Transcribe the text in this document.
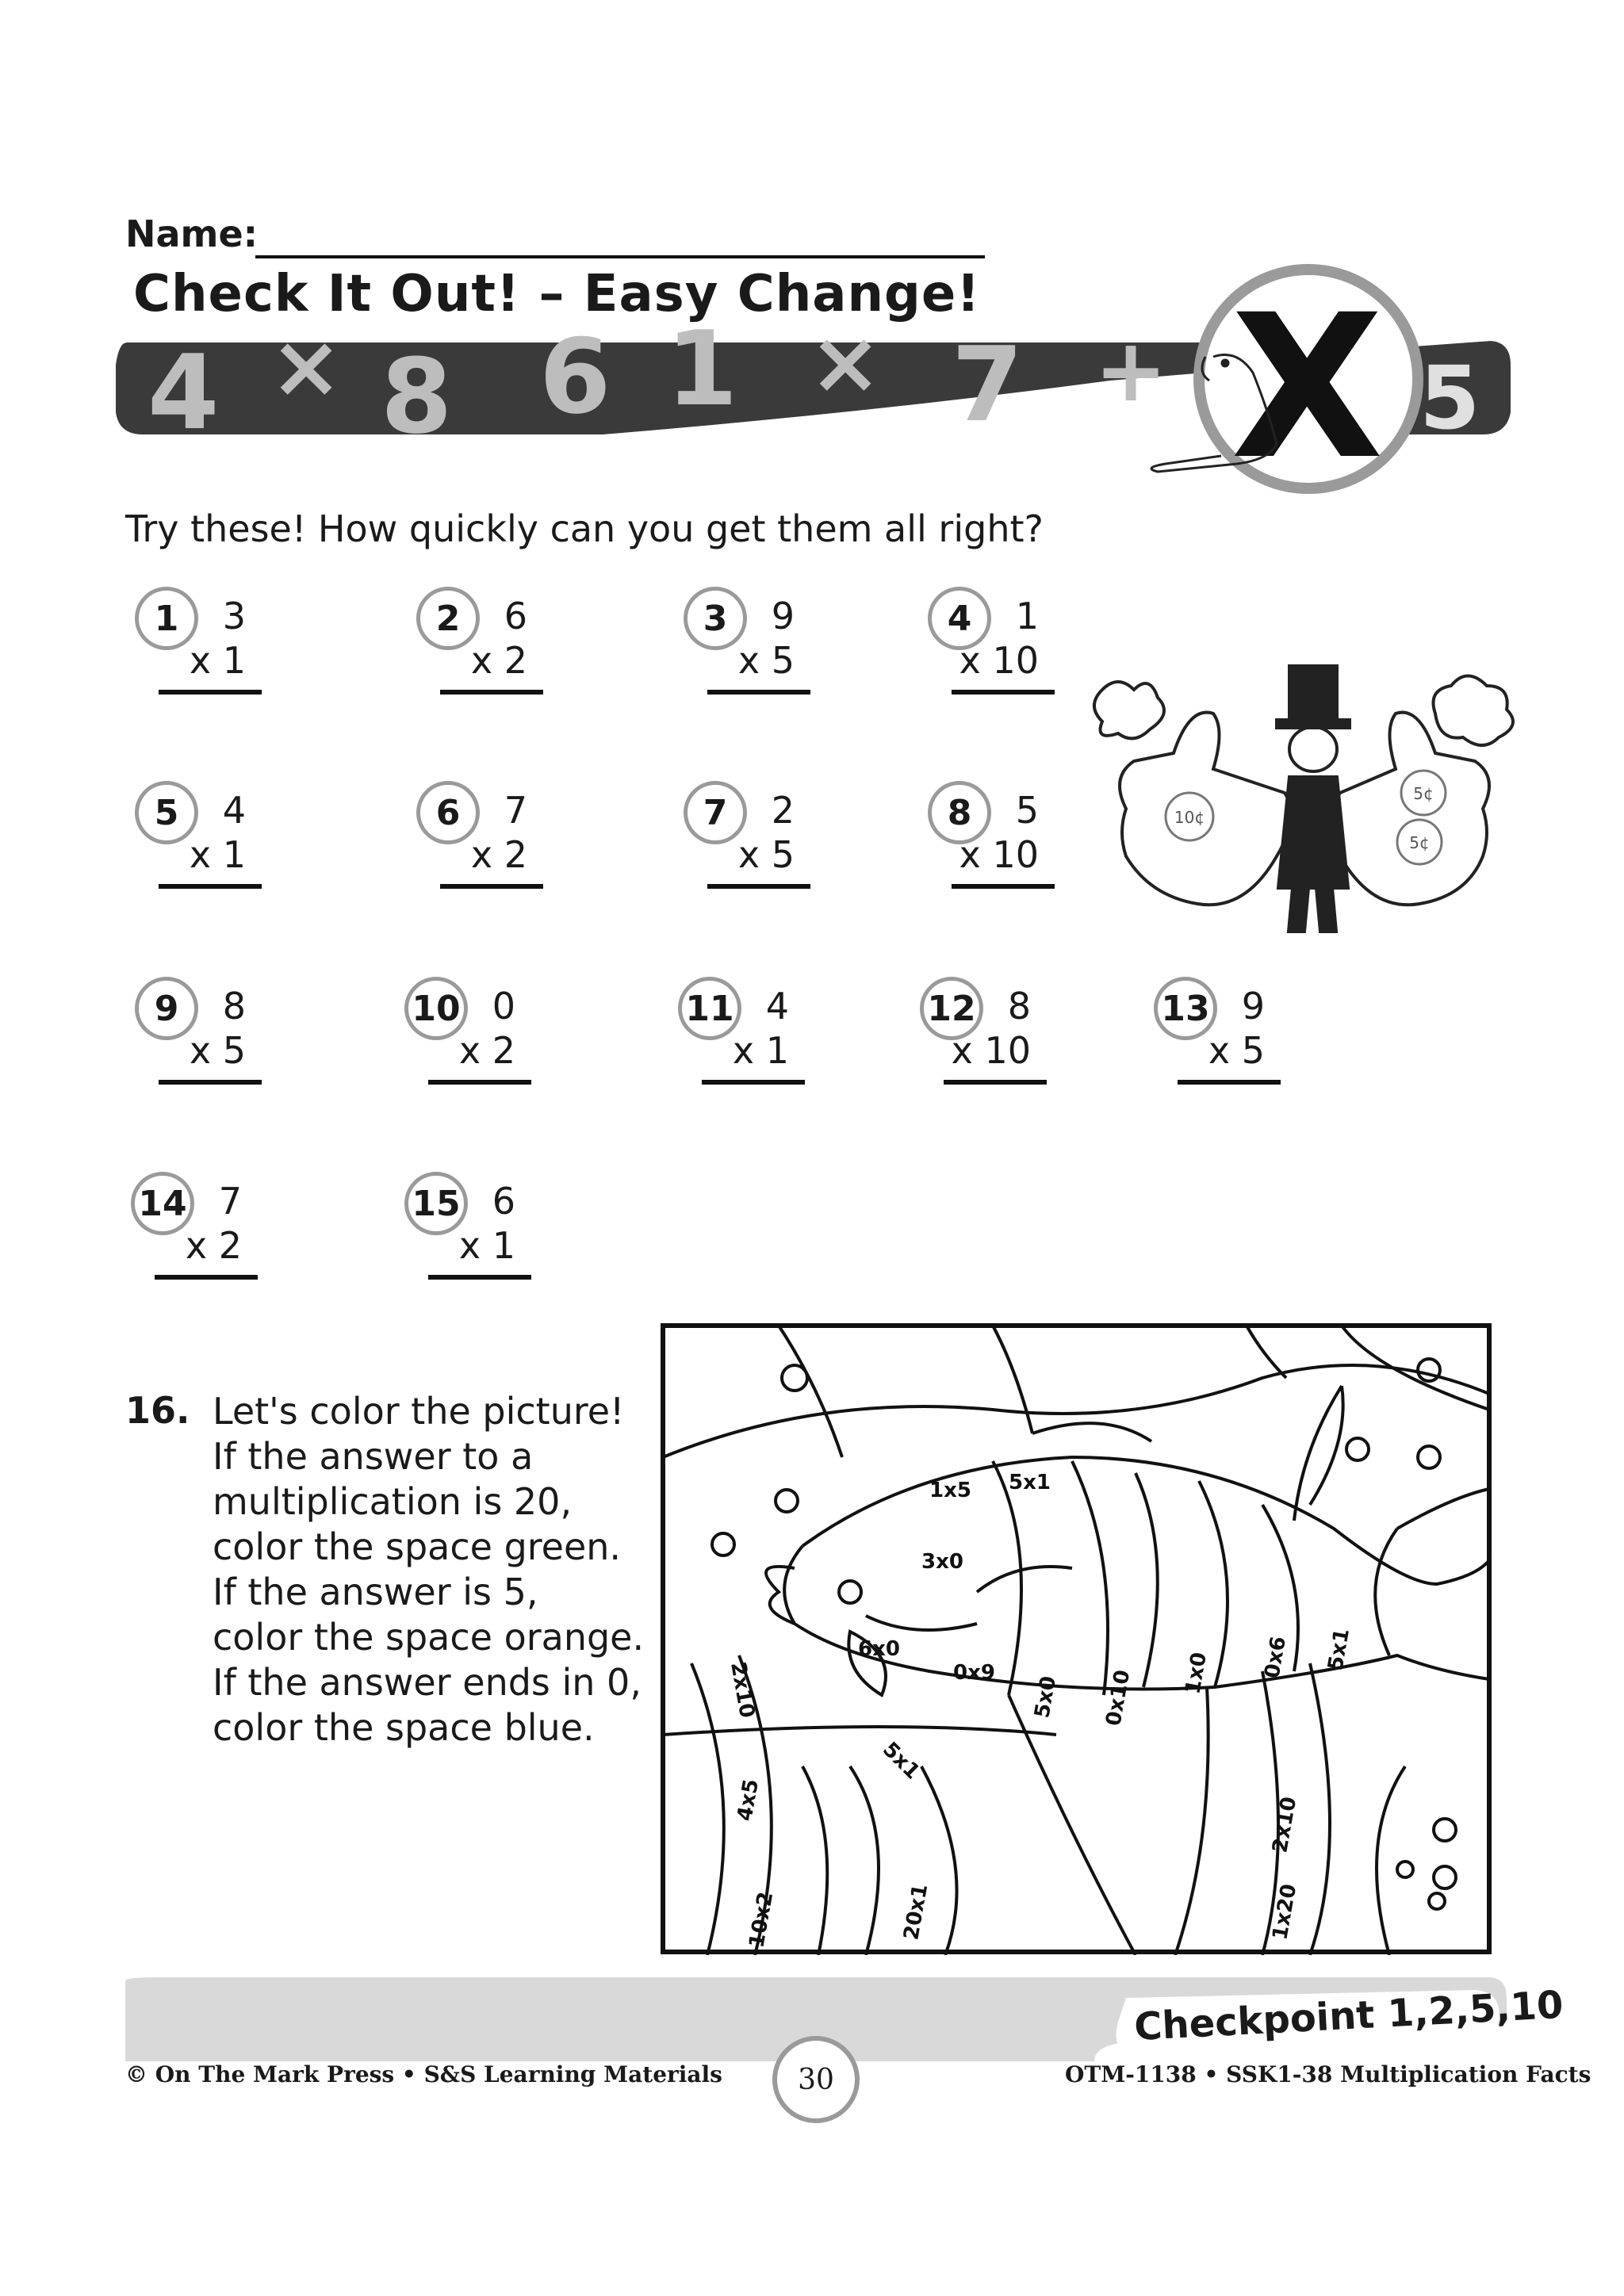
Name:
Check It Out! – Easy Change!
4 × 8 6 1 × 7 + X 5
Try these! How quickly can you get them all right?
1	3
x 1
2	6
x 2
3	9
x 5
4	1
x 10
5	4
x 1
6	7
x 2
7	2
x 5
8	5
x 10
9	8
x 5
10 0
x 2
11 4
x 1
12 8
x 10
13 9
x 5
14 7
x 2
15 6
x 1
10¢
5¢
5¢
16. Let's color the picture!
If the answer to a
multiplication is 20,
color the space green.
If the answer is 5,
color the space orange.
If the answer ends in 0,
color the space blue.
1x5 5x1
3x0
6x0
0x9
5x1
5x0 0x10 1x0 0x6 5x1
2x10
4x5
10x2	20x1
2x10
1x20
Checkpoint 1,2,5,10
© On The Mark Press • S&S Learning Materials	30	OTM-1138 • SSK1-38 Multiplication Facts
